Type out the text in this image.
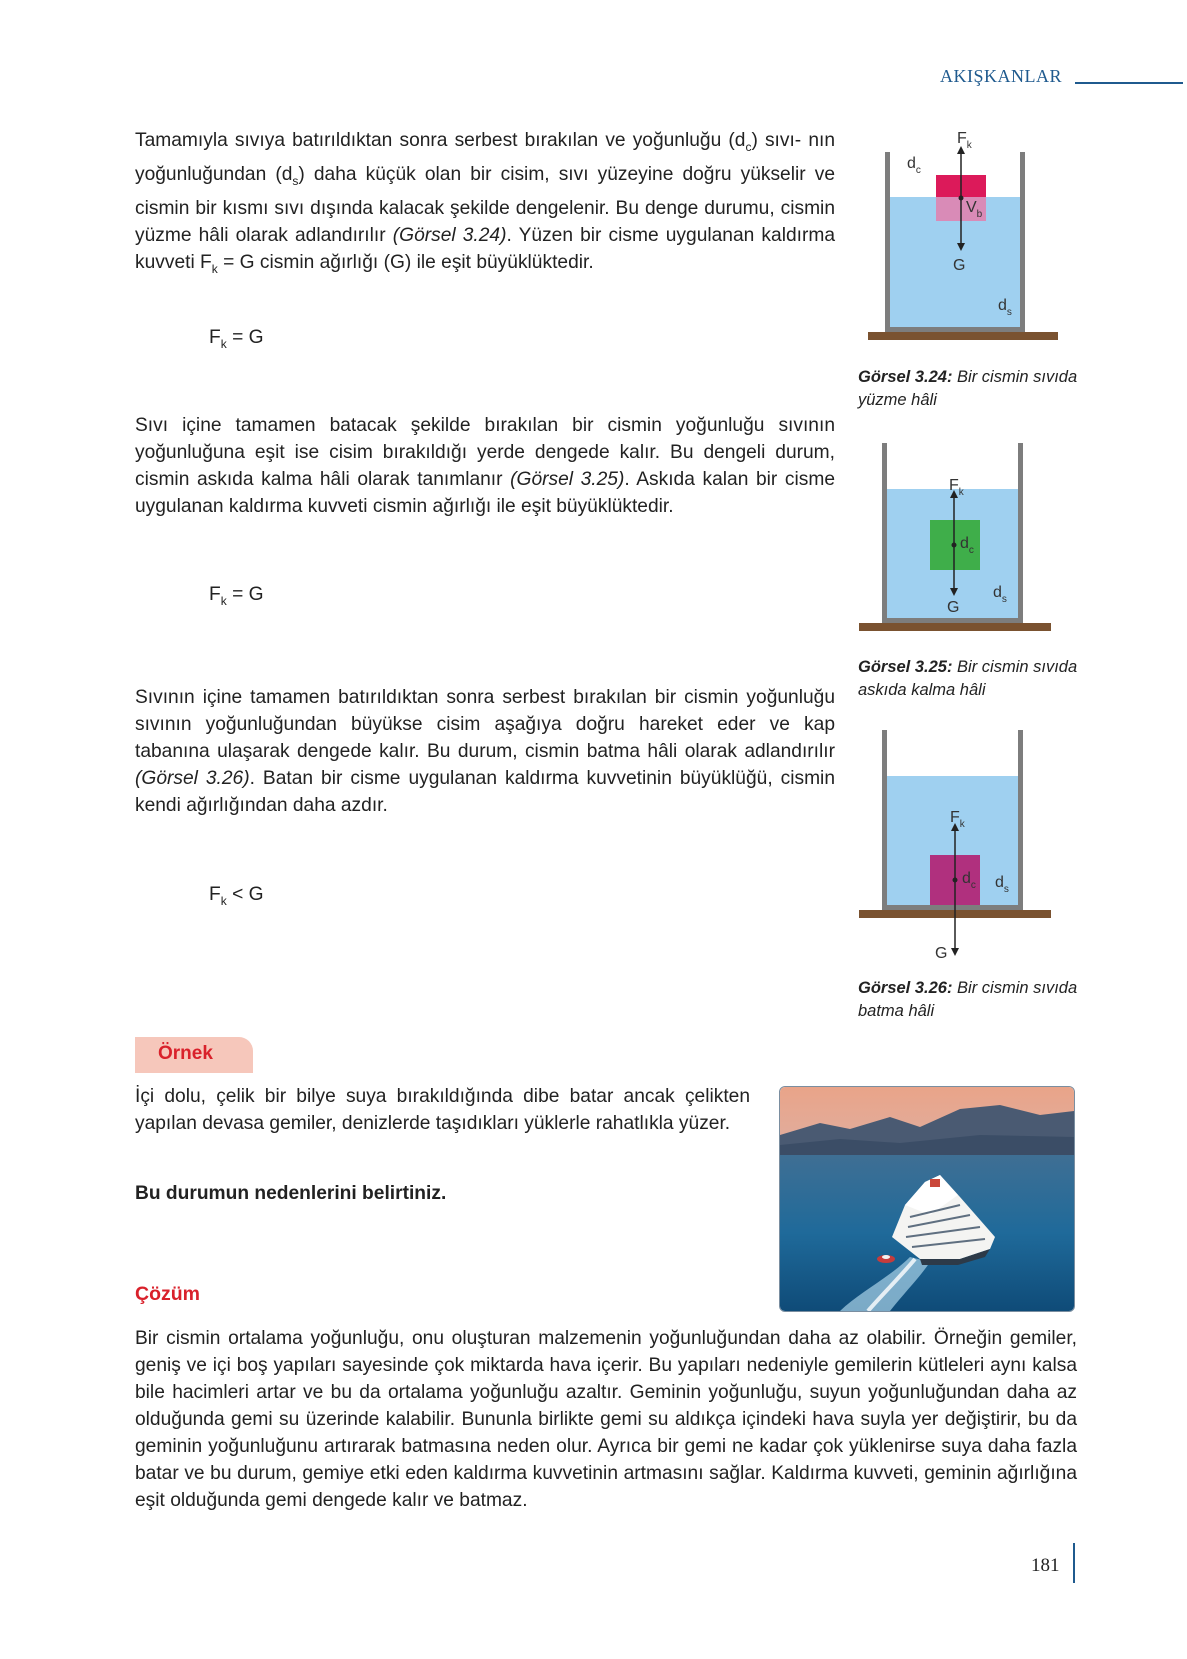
AKIŞKANLAR
Tamamıyla sıvıya batırıldıktan sonra serbest bırakılan ve yoğunluğu $(d_c)$ sıvı- nın yoğunluğundan $(d_s)$ daha küçük olan bir cisim, sıvı yüzeyine doğru yükselir ve cismin bir kısmı sıvı dışında kalacak şekilde dengelenir. Bu denge durumu, cismin yüzme hâli olarak adlandırılır (Görsel 3.24). Yüzen bir cisme uygulanan kaldırma kuvveti $F_k = G$ cismin ağırlığı (G) ile eşit büyüklüktedir.
$F_k = G$
Sıvı içine tamamen batacak şekilde bırakılan bir cismin yoğunluğu sıvının yoğunluğuna eşit ise cisim bırakıldığı yerde dengede kalır. Bu dengeli durum, cismin askıda kalma hâli olarak tanımlanır (Görsel 3.25). Askıda kalan bir cisme uygulanan kaldırma kuvveti cismin ağırlığı ile eşit büyüklüktedir.
$F_k = G$
Sıvının içine tamamen batırıldıktan sonra serbest bırakılan bir cismin yoğunluğu sıvının yoğunluğundan büyükse cisim aşağıya doğru hareket eder ve kap tabanına ulaşarak dengede kalır. Bu durum, cismin batma hâli olarak adlandırılır (Görsel 3.26). Batan bir cisme uygulanan kaldırma kuvvetinin büyüklüğü, cismin kendi ağırlığından daha azdır.
$F_k < G$
$F_k$
$d_c$
$V_b$
G
$d_s$
Görsel 3.24: Bir cismin sıvıda yüzme hâli
$F_k$
$d_c$
G
$d_s$
Görsel 3.25: Bir cismin sıvıda askıda kalma hâli
$F_k$
$d_c$ $d_s$
G
Görsel 3.26: Bir cismin sıvıda batma hâli
Örnek
İçi dolu, çelik bir bilye suya bırakıldığında dibe batar ancak çelikten yapılan devasa gemiler, denizlerde taşıdıkları yüklerle rahatlıkla yüzer.
Bu durumun nedenlerini belirtiniz.
Çözüm
Bir cismin ortalama yoğunluğu, onu oluşturan malzemenin yoğunluğundan daha az olabilir. Örneğin gemiler, geniş ve içi boş yapıları sayesinde çok miktarda hava içerir. Bu yapıları nedeniyle gemilerin kütleleri aynı kalsa bile hacimleri artar ve bu da ortalama yoğunluğu azaltır. Geminin yoğunluğu, suyun yoğunluğundan daha az olduğunda gemi su üzerinde kalabilir. Bununla birlikte gemi su aldıkça içindeki hava suyla yer değiştirir, bu da geminin yoğunluğunu artırarak batmasına neden olur. Ayrıca bir gemi ne kadar çok yüklenirse suya daha fazla batar ve bu durum, gemiye etki eden kaldırma kuvvetinin artmasını sağlar. Kaldırma kuvveti, geminin ağırlığına eşit olduğunda gemi dengede kalır ve batmaz.
181
